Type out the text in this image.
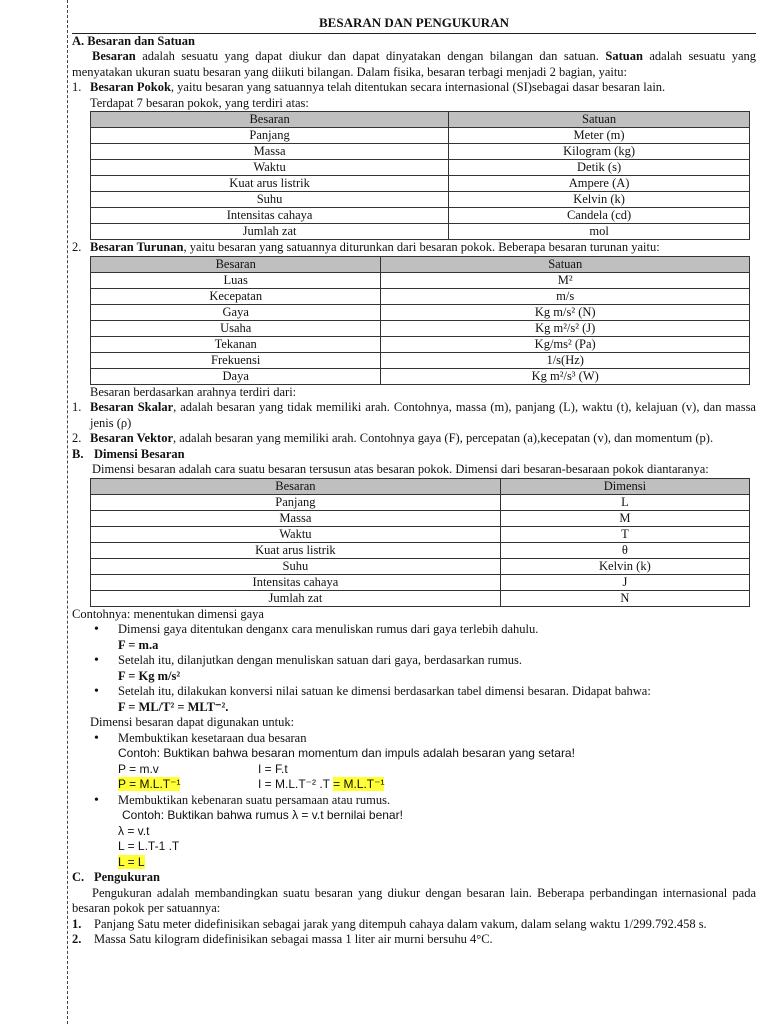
BESARAN DAN PENGUKURAN
A. Besaran dan Satuan

Besaran adalah sesuatu yang dapat diukur dan dapat dinyatakan dengan bilangan dan satuan. Satuan adalah sesuatu yang menyatakan ukuran suatu besaran yang diikuti bilangan. Dalam fisika, besaran terbagi menjadi 2 bagian, yaitu:

1. Besaran Pokok, yaitu besaran yang satuannya telah ditentukan secara internasional (SI)sebagai dasar besaran lain.

Terdapat 7 besaran pokok, yang terdiri atas:

Besaran	Satuan
Panjang	Meter (m)
Massa	Kilogram (kg)
Waktu	Detik (s)
Kuat arus listrik	Ampere (A)
Suhu	Kelvin (k)
Intensitas cahaya	Candela (cd)
Jumlah zat	mol
2. Besaran Turunan, yaitu besaran yang satuannya diturunkan dari besaran pokok. Beberapa besaran turunan yaitu:
Besaran	Satuan
Luas	M²
Kecepatan	m/s
Gaya	Kg m/s² (N)
Usaha	Kg m²/s² (J)
Tekanan	Kg/ms² (Pa)
Frekuensi	1/s(Hz)
Daya	Kg m²/s³ (W)

Besaran berdasarkan arahnya terdiri dari:

1. Besaran Skalar, adalah besaran yang tidak memiliki arah. Contohnya, massa (m), panjang (L), waktu (t), kelajuan (v), dan massa jenis (ρ)
2. Besaran Vektor, adalah besaran yang memiliki arah. Contohnya gaya (F), percepatan (a),kecepatan (v), dan momentum (p).
B. Dimensi Besaran

Dimensi besaran adalah cara suatu besaran tersusun atas besaran pokok. Dimensi dari besaran-besaraan pokok diantaranya:

Besaran	Dimensi
Panjang	L
Massa	M
Waktu	T
Kuat arus listrik	θ
Suhu	Kelvin (k)
Intensitas cahaya	J
Jumlah zat	N

Contohnya: menentukan dimensi gaya

•	Dimensi gaya ditentukan denganx cara menuliskan rumus dari gaya terlebih dahulu.
F = m.a
•	Setelah itu, dilanjutkan dengan menuliskan satuan dari gaya, berdasarkan rumus.
F = Kg m/s²
•	Setelah itu, dilakukan konversi nilai satuan ke dimensi berdasarkan tabel dimensi besaran. Didapat bahwa:
F = ML/T² = MLT⁻².

Dimensi besaran dapat digunakan untuk:

•	Membuktikan kesetaraan dua besaran
Contoh: Buktikan bahwa besaran momentum dan impuls adalah besaran yang setara!
P = m.v	I = F.t
P = M.L.T⁻¹	I = M.L.T⁻² .T = M.L.T⁻¹
•	Membuktikan kebenaran suatu persamaan atau rumus.
Contoh: Buktikan bahwa rumus λ = v.t bernilai benar!
λ = v.t
L = L.T-1 .T
L = L
C. Pengukuran

Pengukuran adalah membandingkan suatu besaran yang diukur dengan besaran lain. Beberapa perbandingan internasional pada besaran pokok per satuannya:

1.	Panjang Satu meter didefinisikan sebagai jarak yang ditempuh cahaya dalam vakum, dalam selang waktu 1/299.792.458 s.
2.	Massa Satu kilogram didefinisikan sebagai massa 1 liter air murni bersuhu 4°C.
